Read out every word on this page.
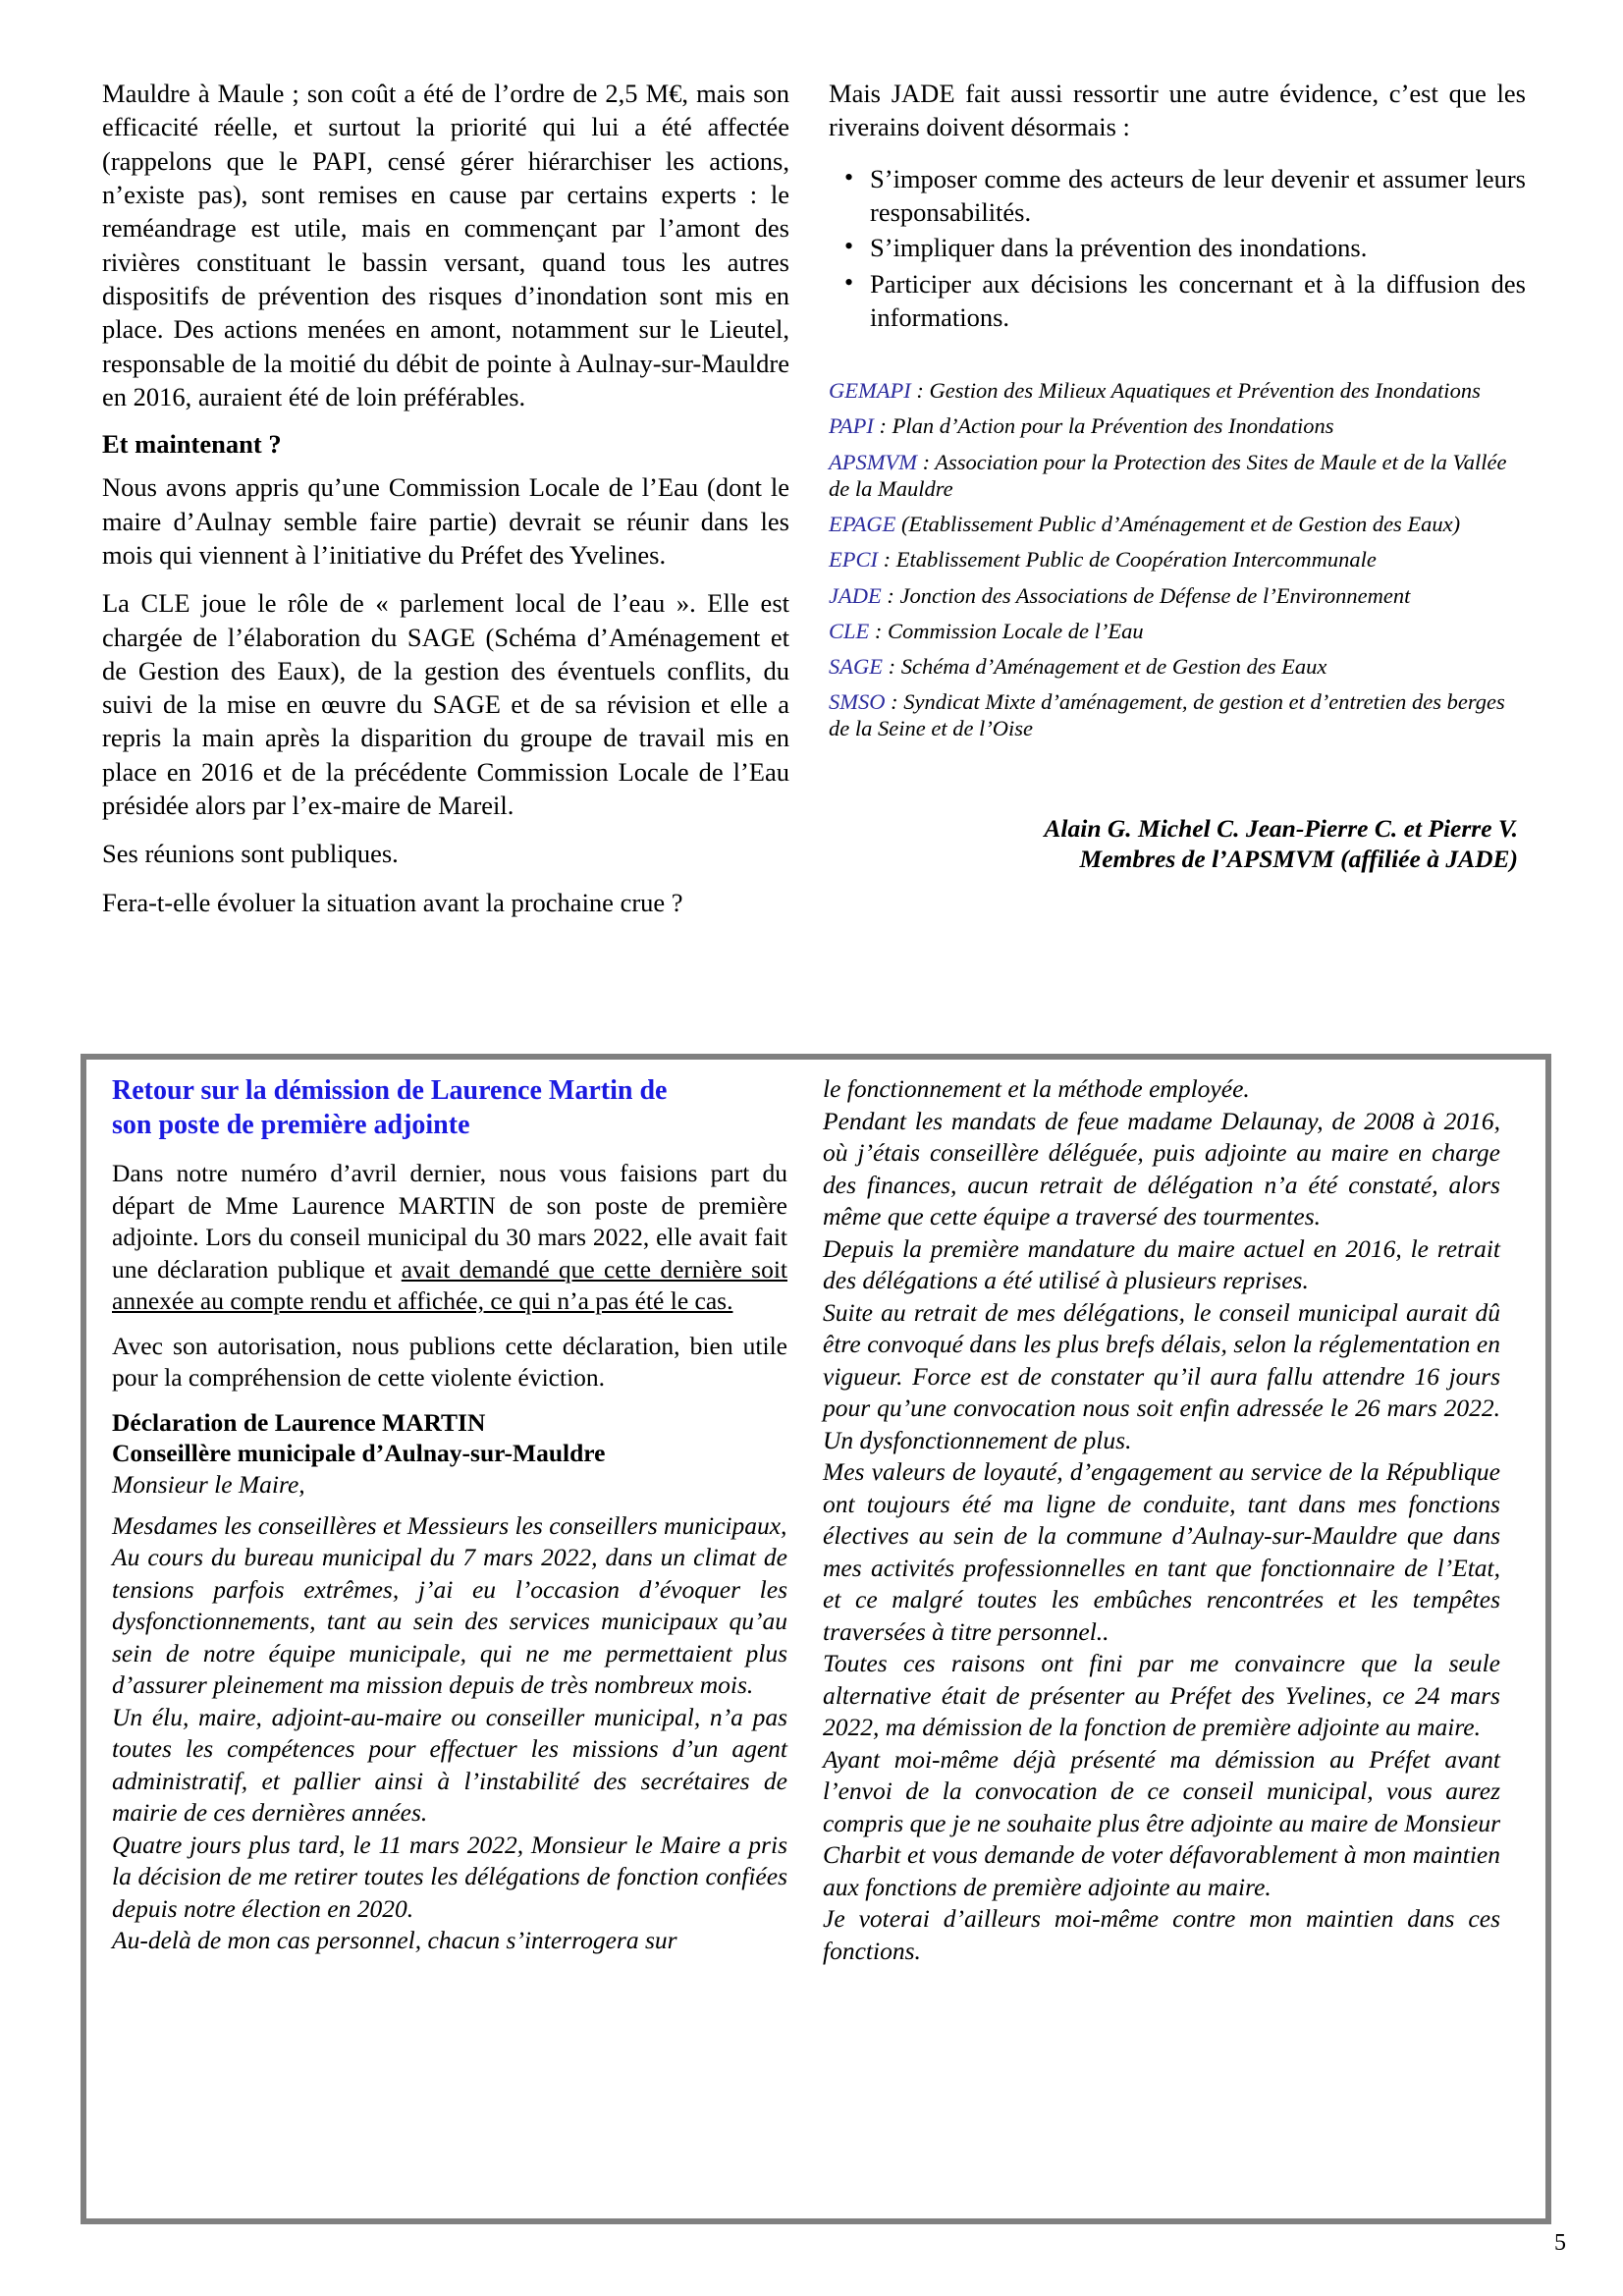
Mauldre à Maule ; son coût a été de l’ordre de 2,5 M€, mais son efficacité réelle, et surtout la priorité qui lui a été affectée (rappelons que le PAPI, censé gérer hiérarchiser les actions, n’existe pas), sont remises en cause par certains experts : le reméandrage est utile, mais en commençant par l’amont des rivières constituant le bassin versant, quand tous les autres dispositifs de prévention des risques d’inondation sont mis en place. Des actions menées en amont, notamment sur le Lieutel, responsable de la moitié du débit de pointe à Aulnay-sur-Mauldre en 2016, auraient été de loin préférables.

Et maintenant ?

Nous avons appris qu’une Commission Locale de l’Eau (dont le maire d’Aulnay semble faire partie) devrait se réunir dans les mois qui viennent à l’initiative du Préfet des Yvelines.

La CLE joue le rôle de « parlement local de l’eau ». Elle est chargée de l’élaboration du SAGE (Schéma d’Aménagement et de Gestion des Eaux), de la gestion des éventuels conflits, du suivi de la mise en œuvre du SAGE et de sa révision et elle a repris la main après la disparition du groupe de travail mis en place en 2016 et de la précédente Commission Locale de l’Eau présidée alors par l’ex-maire de Mareil.

Ses réunions sont publiques.

Fera-t-elle évoluer la situation avant la prochaine crue ?

Mais JADE fait aussi ressortir une autre évidence, c’est que les riverains doivent désormais :

• S’imposer comme des acteurs de leur devenir et assumer leurs responsabilités.
• S’impliquer dans la prévention des inondations.
• Participer aux décisions les concernant et à la diffusion des informations.
GEMAPI : Gestion des Milieux Aquatiques et Prévention des Inondations
PAPI : Plan d’Action pour la Prévention des Inondations
APSMVM : Association pour la Protection des Sites de Maule et de la Vallée de la Mauldre
EPAGE (Etablissement Public d’Aménagement et de Gestion des Eaux)
EPCI : Etablissement Public de Coopération Intercommunale
JADE : Jonction des Associations de Défense de l’Environnement
CLE : Commission Locale de l’Eau
SAGE : Schéma d’Aménagement et de Gestion des Eaux
SMSO : Syndicat Mixte d’aménagement, de gestion et d’entretien des berges de la Seine et de l’Oise
Alain G. Michel C. Jean-Pierre C. et Pierre V.
Membres de l’APSMVM (affiliée à JADE)
Retour sur la démission de Laurence Martin de
son poste de première adjointe

Dans notre numéro d’avril dernier, nous vous faisions part du départ de Mme Laurence MARTIN de son poste de première adjointe. Lors du conseil municipal du 30 mars 2022, elle avait fait une déclaration publique et avait demandé que cette dernière soit annexée au compte rendu et affichée, ce qui n’a pas été le cas.

Avec son autorisation, nous publions cette déclaration, bien utile pour la compréhension de cette violente éviction.

Déclaration de Laurence MARTIN
Conseillère municipale d’Aulnay-sur-Mauldre

Monsieur le Maire,

Mesdames les conseillères et Messieurs les conseillers municipaux,

Au cours du bureau municipal du 7 mars 2022, dans un climat de tensions parfois extrêmes, j’ai eu l’occasion d’évoquer les dysfonctionnements, tant au sein des services municipaux qu’au sein de notre équipe municipale, qui ne me permettaient plus d’assurer pleinement ma mission depuis de très nombreux mois.

Un élu, maire, adjoint-au-maire ou conseiller municipal, n’a pas toutes les compétences pour effectuer les missions d’un agent administratif, et pallier ainsi à l’instabilité des secrétaires de mairie de ces dernières années.

Quatre jours plus tard, le 11 mars 2022, Monsieur le Maire a pris la décision de me retirer toutes les délégations de fonction confiées depuis notre élection en 2020.

Au-delà de mon cas personnel, chacun s’interrogera sur

le fonctionnement et la méthode employée.

Pendant les mandats de feue madame Delaunay, de 2008 à 2016, où j’étais conseillère déléguée, puis adjointe au maire en charge des finances, aucun retrait de délégation n’a été constaté, alors même que cette équipe a traversé des tourmentes.

Depuis la première mandature du maire actuel en 2016, le retrait des délégations a été utilisé à plusieurs reprises.

Suite au retrait de mes délégations, le conseil municipal aurait dû être convoqué dans les plus brefs délais, selon la réglementation en vigueur. Force est de constater qu’il aura fallu attendre 16 jours pour qu’une convocation nous soit enfin adressée le 26 mars 2022. Un dysfonctionnement de plus.

Mes valeurs de loyauté, d’engagement au service de la République ont toujours été ma ligne de conduite, tant dans mes fonctions électives au sein de la commune d’Aulnay-sur-Mauldre que dans mes activités professionnelles en tant que fonctionnaire de l’Etat, et ce malgré toutes les embûches rencontrées et les tempêtes traversées à titre personnel..

Toutes ces raisons ont fini par me convaincre que la seule alternative était de présenter au Préfet des Yvelines, ce 24 mars 2022, ma démission de la fonction de première adjointe au maire.

Ayant moi-même déjà présenté ma démission au Préfet avant l’envoi de la convocation de ce conseil municipal, vous aurez compris que je ne souhaite plus être adjointe au maire de Monsieur Charbit et vous demande de voter défavorablement à mon maintien aux fonctions de première adjointe au maire.

Je voterai d’ailleurs moi-même contre mon maintien dans ces fonctions.

5
